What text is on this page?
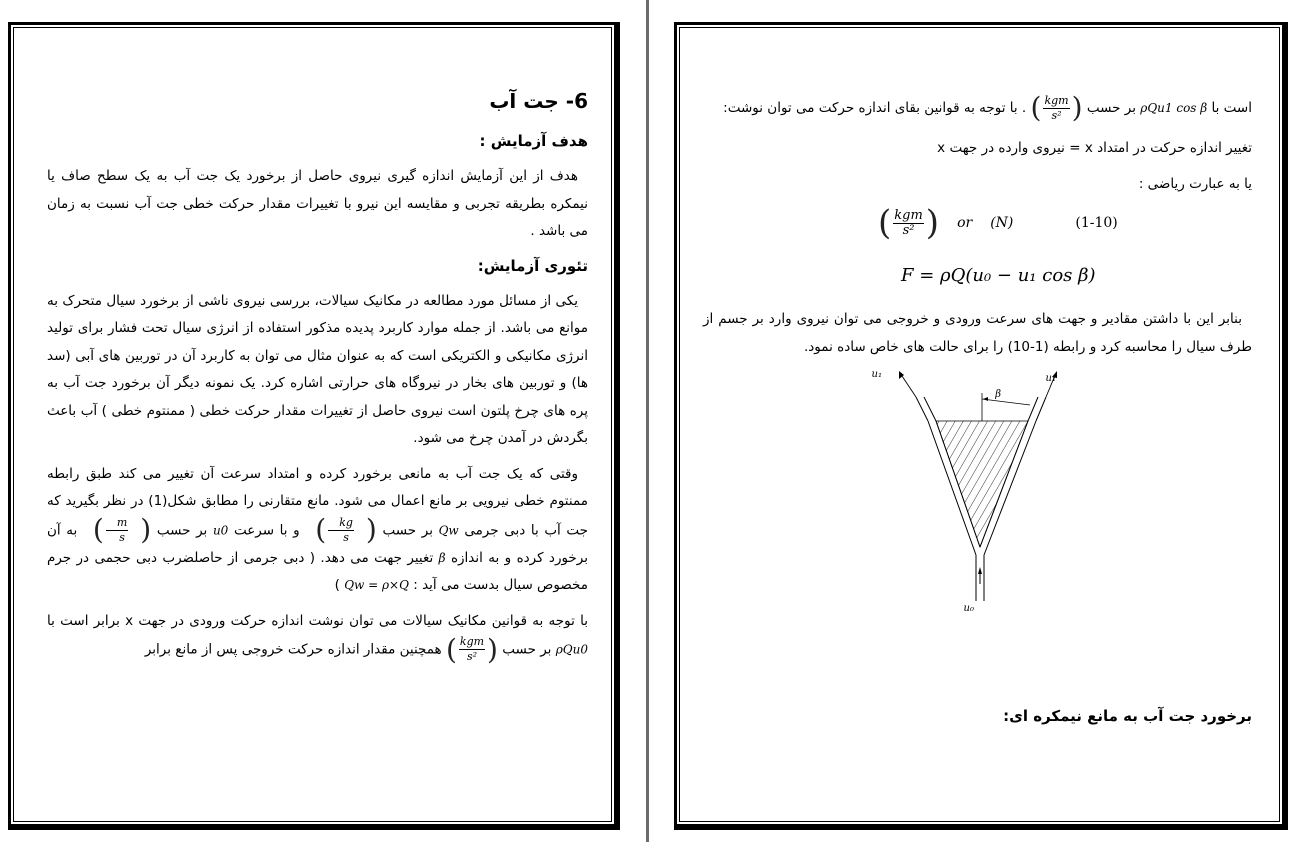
6- جت آب
هدف آزمایش :

هدف از این آزمایش اندازه گیری نیروی حاصل از برخورد یک جت آب به یک سطح صاف یا نیمکره بطریقه تجربی و مقایسه این نیرو با تغییرات مقدار حرکت خطی جت آب نسبت به زمان می باشد .

تئوری آزمایش:

یکی از مسائل مورد مطالعه در مکانیک سیالات، بررسی نیروی ناشی از برخورد سیال متحرک به موانع می باشد. از جمله موارد کاربرد پدیده مذکور استفاده از انرژی سیال تحت فشار برای تولید انرژی مکانیکی و الکتریکی است که به عنوان مثال می توان به کاربرد آن در توربین های آبی (سد ها) و توربین های بخار در نیروگاه های حرارتی اشاره کرد. یک نمونه دیگر آن برخورد جت آب به پره های چرخ پلتون است نیروی حاصل از تغییرات مقدار حرکت خطی ( ممنتوم خطی ) آب باعث بگردش در آمدن چرخ می شود.

وقتی که یک جت آب به مانعی برخورد کرده و امتداد سرعت آن تغییر می کند طبق رابطه ممنتوم خطی نیرویی بر مانع اعمال می شود. مانع متقارنی را مطابق شکل(1) در نظر بگیرید که جت آب با دبی جرمی Qw بر حسب
( $\frac{kg}{s}$ )
و با سرعت u0 بر حسب
( $\frac{m}{s}$ )
به آن برخورد کرده و به اندازه β تغییر جهت می دهد. ( دبی جرمی از حاصلضرب دبی حجمی در جرم مخصوص سیال بدست می آید : Qw = ρ×Q )

با توجه به قوانین مکانیک سیالات می توان نوشت اندازه حرکت ورودی در جهت x برابر است با ρQu0 بر حسب
( $\frac{\text{kgm}}{\text{s²}}$ )
همچنین مقدار اندازه حرکت خروجی پس از مانع برابر

است با ρQu1 cos β بر حسب
( $\frac{\text{kgm}}{\text{s²}}$ )
. با توجه به قوانین بقای اندازه حرکت می توان نوشت:

تغییر اندازه حرکت در امتداد x = نیروی وارده در جهت x

یا به عبارت ریاضی :

( $\frac{\text{kgm}}{\text{s²}}$ ) or (N)	(1-10)
F = ρQ(u₀ − u₁ cos β)

بنابر این با داشتن مقادیر و جهت های سرعت ورودی و خروجی می توان نیروی وارد بر جسم از طرف سیال را محاسبه کرد و رابطه (1-10) را برای حالت های خاص ساده نمود.

β
u₁	u₁
u₀
برخورد جت آب به مانع نیمکره ای:
